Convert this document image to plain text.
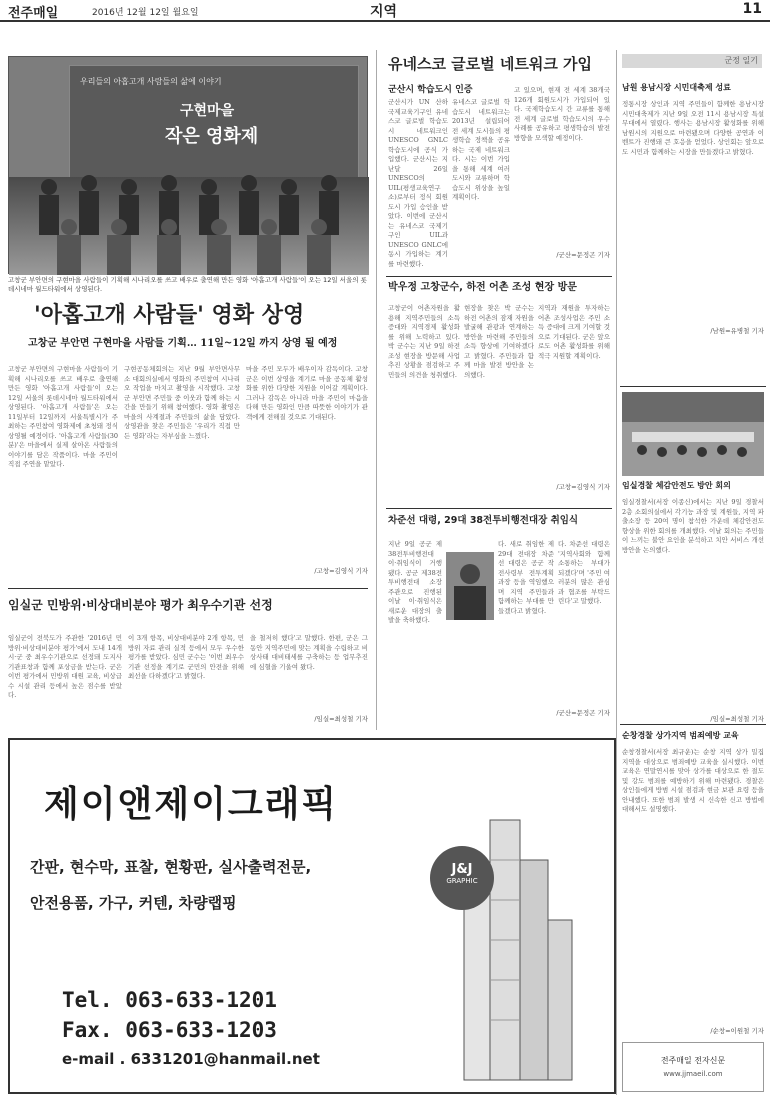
전주매일	2016년 12월 12일 월요일	지역	11
우리들의 아홉고개 사람들의 삶에 이야기
구현마을
작은 영화제
고창군 부안면의 구현마을 사람들이 기획해 시나리오를 쓰고 배우로 출연해 만든 영화 '아홉고개 사람들'이 오는 12일 서울의 롯데시네마 월드타워에서 상영된다.
'아홉고개 사람들' 영화 상영
고창군 부안면 구현마을 사람들 기획… 11일~12일 까지 상영 될 예정
고창군 부안면의 구현마을 사람들이 기획해 시나리오를 쓰고 배우로 출연해 만든 영화 '아홉고개 사람들'이 오는 12일 서울의 롯데시네마 월드타워에서 상영된다. '아홉고개 사람들'은 오는 11일부터 12일까지 서울특별시가 주최하는 주민참여 영화제에 초청돼 정식 상영될 예정이다. '아홉고개 사람들(30분)'은 마을에서 실제 살아온 사람들의 이야기를 담은 작품이다. 마을 주민이 직접 주연을 맡았다.
구현공동체회의는 지난 9월 부안면사무소 대회의실에서 영화의 주민참여 시나리오 작업을 마치고 촬영을 시작했다. 고창군 부안면 주민들 중 이웃과 함께 하는 시간을 만들기 위해 참여했다. 영화 촬영은 마을의 사계절과 주민들의 삶을 담았다. 상영관을 찾은 주민들은 '우리가 직접 만든 영화'라는 자부심을 느꼈다.
마을 주민 모두가 배우이자 감독이다. 고창군은 이번 상영을 계기로 마을 공동체 활성화를 위한 다양한 지원을 이어갈 계획이다. 그러나 감독은 아니라 마을 주민이 마음을 다해 만든 영화인 만큼 따뜻한 이야기가 관객에게 전해질 것으로 기대된다.
/고창=김영식 기자
임실군 민방위·비상대비분야 평가 최우수기관 선정
임실군이 전북도가 주관한 '2016년 민방위·비상대비분야 평가'에서 도내 14개 시·군 중 최우수기관으로 선정돼 도지사 기관표창과 함께 포상금을 받는다. 군은 이번 평가에서 민방위 대원 교육, 비상급수 시설 관리 등에서 높은 점수를 받았다.
이 3개 항목, 비상대비분야 2개 항목, 민방위 자료 관리 실적 등에서 모두 우수한 평가를 받았다. 심민 군수는 '이번 최우수기관 선정을 계기로 군민의 안전을 위해 최선을 다하겠다'고 밝혔다.
을 철저히 했다'고 말했다. 한편, 군은 그동안 지역주민에 맞는 계획을 수립하고 비상사태 대비태세를 구축하는 등 업무추진에 심혈을 기울여 왔다.
/임실=최성철 기자
유네스코 글로벌 네트워크 가입
군산시 학습도시 인증
군산시가 UN 산하 국제교육기구인 유네스코 글로벌 학습도시 네트워크인 UNESCO GNLC 학습도시에 공식 가입했다. 군산시는 지난달 26일 UNESCO의 UIL(평생교육연구소)로부터 정식 회원도시 가입 승인을 받았다. 이번에 군산시는 유네스코 국제기구인 UIL과 UNESCO GNLC에 동시 가입하는 계기를 마련했다.
유네스코 글로벌 학습도시 네트워크는 2013년 설립되어 전 세계 도시들의 평생학습 정책을 공유하는 국제 네트워크다. 시는 이번 가입을 통해 세계 여러 도시와 교류하며 학습도시 위상을 높일 계획이다.
고 있으며, 현재 전 세계 38개국 126개 회원도시가 가입되어 있다. 국제학습도시 간 교류를 통해 전 세계 글로벌 학습도시의 우수사례를 공유하고 평생학습의 발전 방향을 모색할 예정이다.
/군산=문정곤 기자
박우정 고창군수, 하전 어촌 조성 현장 방문
고창군이 어촌자원을 활용해 지역주민들의 소득증대와 지역경제 활성화를 위해 노력하고 있다. 박 군수는 지난 9일 하전 조성 현장을 방문해 사업추진 상황을 점검하고 주민들의 의견을 청취했다.
현장을 찾은 박 군수는 하전 어촌의 잠재 자원을 발굴해 관광과 연계하는 방안을 마련해 주민들의 소득 향상에 기여하겠다고 밝혔다. 주민들과 함께 마을 발전 방안을 논의했다.
지역과 재원을 투자하는 어촌 조성사업은 주민 소득 증대에 크게 기여할 것으로 기대된다. 군은 앞으로도 어촌 활성화를 위해 적극 지원할 계획이다.
/고창=김영식 기자
차준선 대령, 29대 38전투비행전대장 취임식
지난 9일 공군 제38전투비행전대 이·취임식이 거행됐다. 공군 제38전투비행전대 소장 주관으로 진행된 이날 이·취임식은 새로운 대장의 출발을 축하했다.
다. 새로 취임한 제29대 전대장 차준선 대령은 공군 작전사령부 전투계획과장 등을 역임했으며 지역 주민들과 함께하는 부대를 만들겠다고 밝혔다.
다. 차준선 대령은 '지역사회와 함께 소통하는 부대가 되겠다'며 '주민 여러분의 많은 관심과 협조를 부탁드린다'고 말했다.
/군산=문정곤 기자
군정 일기
남원 용남시장 시민대축제 성료
정통시장 상인과 지역 주민들이 함께한 용남시장 시민대축제가 지난 9일 오전 11시 용남시장 특설무대에서 열렸다. 행사는 용남시장 활성화를 위해 남원시의 지원으로 마련됐으며 다양한 공연과 이벤트가 진행돼 큰 호응을 얻었다. 상인회는 앞으로도 시민과 함께하는 시장을 만들겠다고 밝혔다.
/남원=유병철 기자
임실경찰 체감안전도 방안 회의
임실경찰서(서장 이종신)에서는 지난 9일 경찰서 2층 소회의실에서 각기능 과장 및 계원들, 지역 파출소장 등 20여 명이 참석한 가운데 체감안전도 향상을 위한 회의를 개최했다. 이날 회의는 주민들이 느끼는 불안 요인을 분석하고 치안 서비스 개선 방안을 논의했다.
/임실=최성철 기자
순창경찰 상가지역 범죄예방 교육
순창경찰서(서장 최규운)는 순창 지역 상가 밀집 지역을 대상으로 범죄예방 교육을 실시했다. 이번 교육은 연말연시를 맞아 상가를 대상으로 한 절도 및 강도 범죄를 예방하기 위해 마련됐다. 경찰은 상인들에게 방범 시설 점검과 현금 보관 요령 등을 안내했다. 또한 범죄 발생 시 신속한 신고 방법에 대해서도 설명했다.
/순창=이원철 기자
전주매일 전자신문
www.jjmaeil.com
제이앤제이그래픽
J&J
GRAPHIC
간판, 현수막, 표찰, 현황판, 실사출력전문,
안전용품, 가구, 커텐, 차량랩핑
Tel. 063-633-1201
Fax. 063-633-1203
e-mail . 6331201@hanmail.net
